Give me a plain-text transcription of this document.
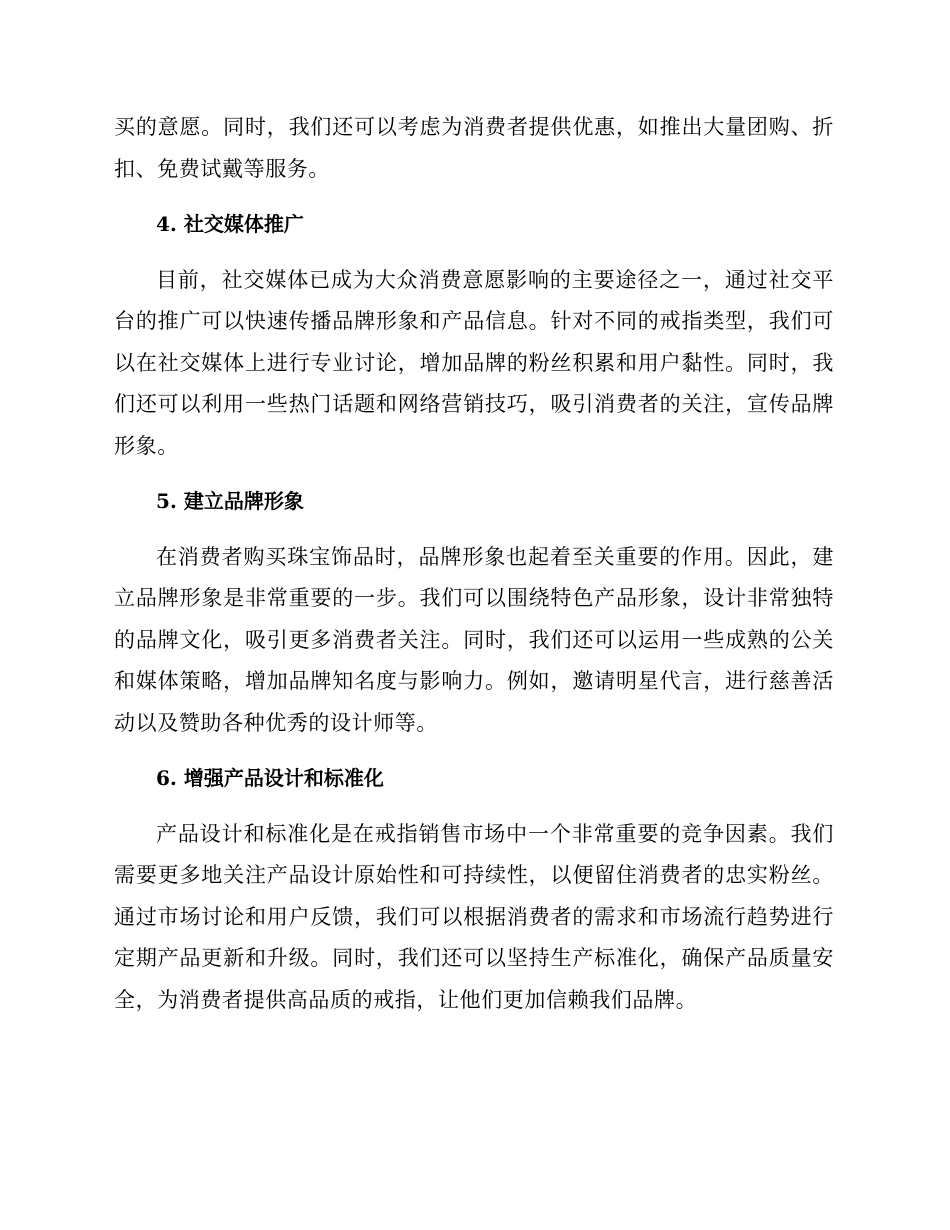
买的意愿。同时，我们还可以考虑为消费者提供优惠，如推出大量团购、折扣、免费试戴等服务。

4. 社交媒体推广

目前，社交媒体已成为大众消费意愿影响的主要途径之一，通过社交平台的推广可以快速传播品牌形象和产品信息。针对不同的戒指类型，我们可以在社交媒体上进行专业讨论，增加品牌的粉丝积累和用户黏性。同时，我们还可以利用一些热门话题和网络营销技巧，吸引消费者的关注，宣传品牌形象。

5. 建立品牌形象

在消费者购买珠宝饰品时，品牌形象也起着至关重要的作用。因此，建立品牌形象是非常重要的一步。我们可以围绕特色产品形象，设计非常独特的品牌文化，吸引更多消费者关注。同时，我们还可以运用一些成熟的公关和媒体策略，增加品牌知名度与影响力。例如，邀请明星代言，进行慈善活动以及赞助各种优秀的设计师等。

6. 增强产品设计和标准化

产品设计和标准化是在戒指销售市场中一个非常重要的竞争因素。我们需要更多地关注产品设计原始性和可持续性，以便留住消费者的忠实粉丝。通过市场讨论和用户反馈，我们可以根据消费者的需求和市场流行趋势进行定期产品更新和升级。同时，我们还可以坚持生产标准化，确保产品质量安全，为消费者提供高品质的戒指，让他们更加信赖我们品牌。
